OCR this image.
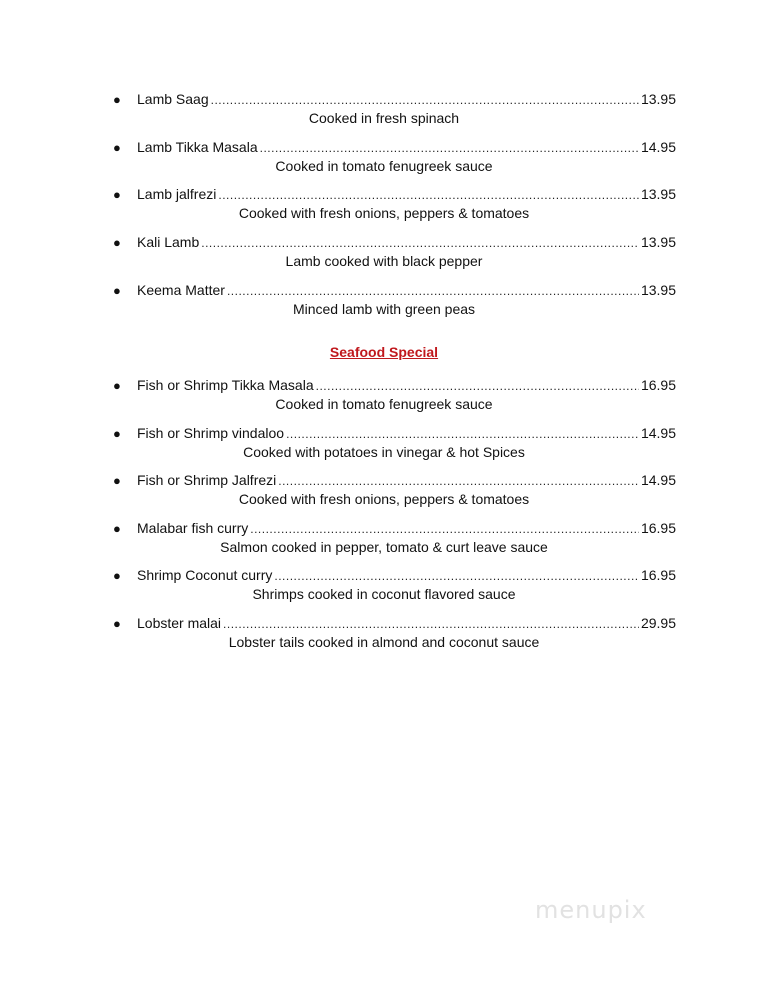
●	Lamb Saag .....	13.95
Cooked in fresh spinach
●	Lamb Tikka Masala .....	14.95
Cooked in tomato fenugreek sauce
●	Lamb jalfrezi .....	13.95
Cooked with fresh onions, peppers & tomatoes
●	Kali Lamb .....	13.95
Lamb cooked with black pepper
●	Keema Matter .....	13.95
Minced lamb with green peas
Seafood Special
●	Fish or Shrimp Tikka Masala .....	16.95
Cooked in tomato fenugreek sauce
●	Fish or Shrimp vindaloo .....	14.95
Cooked with potatoes in vinegar & hot Spices
●	Fish or Shrimp Jalfrezi .....	14.95
Cooked with fresh onions, peppers & tomatoes
●	Malabar fish curry .....	16.95
Salmon cooked in pepper, tomato & curt leave sauce
●	Shrimp Coconut curry .....	16.95
Shrimps cooked in coconut flavored sauce
●	Lobster malai .....	29.95
Lobster tails cooked in almond and coconut sauce
menupix
